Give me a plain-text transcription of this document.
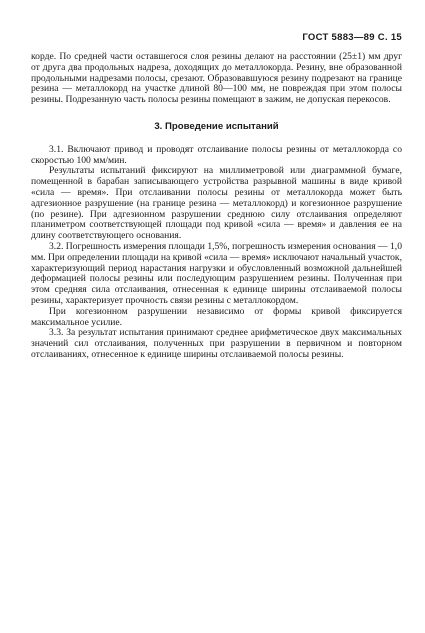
ГОСТ 5883—89 С. 15

корде. По средней части оставшегося слоя резины делают на расстоянии (25±1) мм друг от друга два продольных надреза, доходящих до металлокорда. Резину, вне образованной продольными надрезами полосы, срезают. Образовавшуюся резину подрезают на границе резина — металлокорд на участке длиной 80—100 мм, не повреждая при этом полосы резины. Подрезанную часть полосы резины помещают в зажим, не допуская перекосов.

3. Проведение испытаний

3.1. Включают привод и проводят отслаивание полосы резины от металлокорда со скоростью 100 мм/мин.

Результаты испытаний фиксируют на миллиметровой или диаграммной бумаге, помещенной в барабан записывающего устройства разрывной машины в виде кривой «сила — время». При отслаивании полосы резины от металлокорда может быть адгезионное разрушение (на границе резина — металлокорд) и когезионное разрушение (по резине). При адгезионном разрушении среднюю силу отслаивания определяют планиметром соответствующей площади под кривой «сила — время» и давления ее на длину соответствующего основания.

3.2. Погрешность измерения площади 1,5%, погрешность измерения основания — 1,0 мм. При определении площади на кривой «сила — время» исключают начальный участок, характеризующий период нарастания нагрузки и обусловленный возможной дальнейшей деформацией полосы резины или последующим разрушением резины. Полученная при этом средняя сила отслаивания, отнесенная к единице ширины отслаиваемой полосы резины, характеризует прочность связи резины с металлокордом.

При когезионном разрушении независимо от формы кривой фиксируется максимальное усилие.

3.3. За результат испытания принимают среднее арифметическое двух максимальных значений сил отслаивания, полученных при разрушении в первичном и повторном отслаиваниях, отнесенное к единице ширины отслаиваемой полосы резины.
